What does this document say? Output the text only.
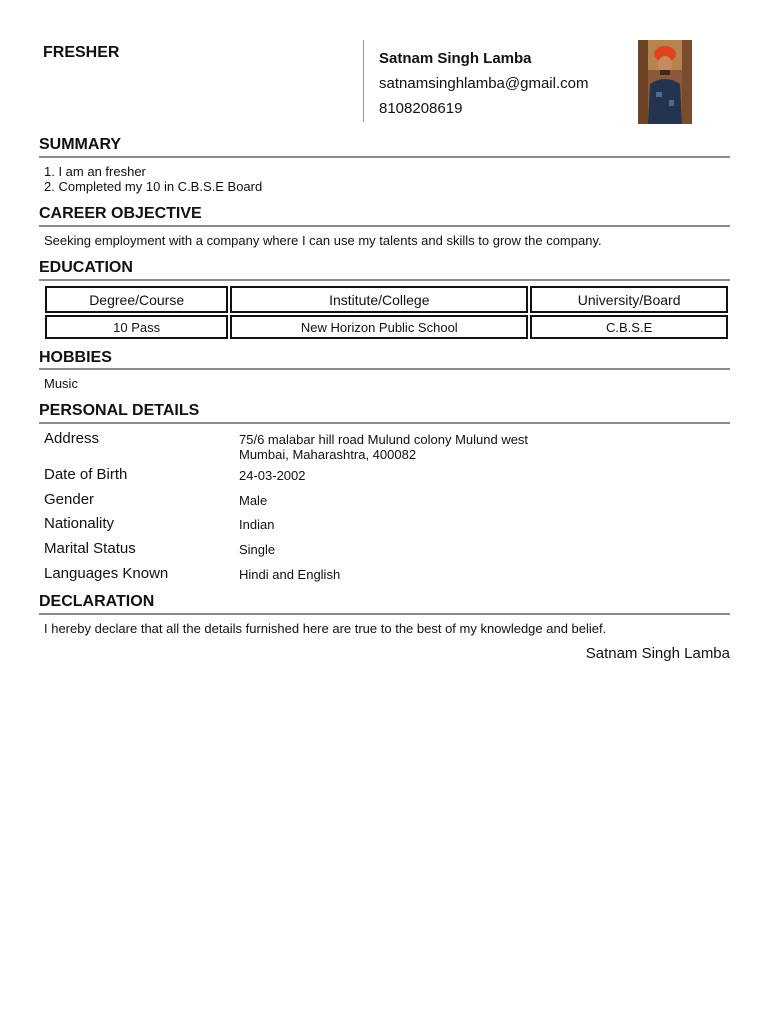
FRESHER	Satnam Singh Lamba
satnamsinghlamba@gmail.com
8108208619
SUMMARY
1. I am an fresher
2. Completed my 10 in C.B.S.E Board
CAREER OBJECTIVE
Seeking employment with a company where I can use my talents and skills to grow the company.
EDUCATION
Degree/Course	Institute/College	University/Board
10 Pass	New Horizon Public School	C.B.S.E
HOBBIES
Music
PERSONAL DETAILS
Address	75/6 malabar hill road Mulund colony Mulund west
Mumbai, Maharashtra, 400082
Date of Birth	24-03-2002
Gender	Male
Nationality	Indian
Marital Status	Single
Languages Known	Hindi and English
DECLARATION
I hereby declare that all the details furnished here are true to the best of my knowledge and belief.
Satnam Singh Lamba
